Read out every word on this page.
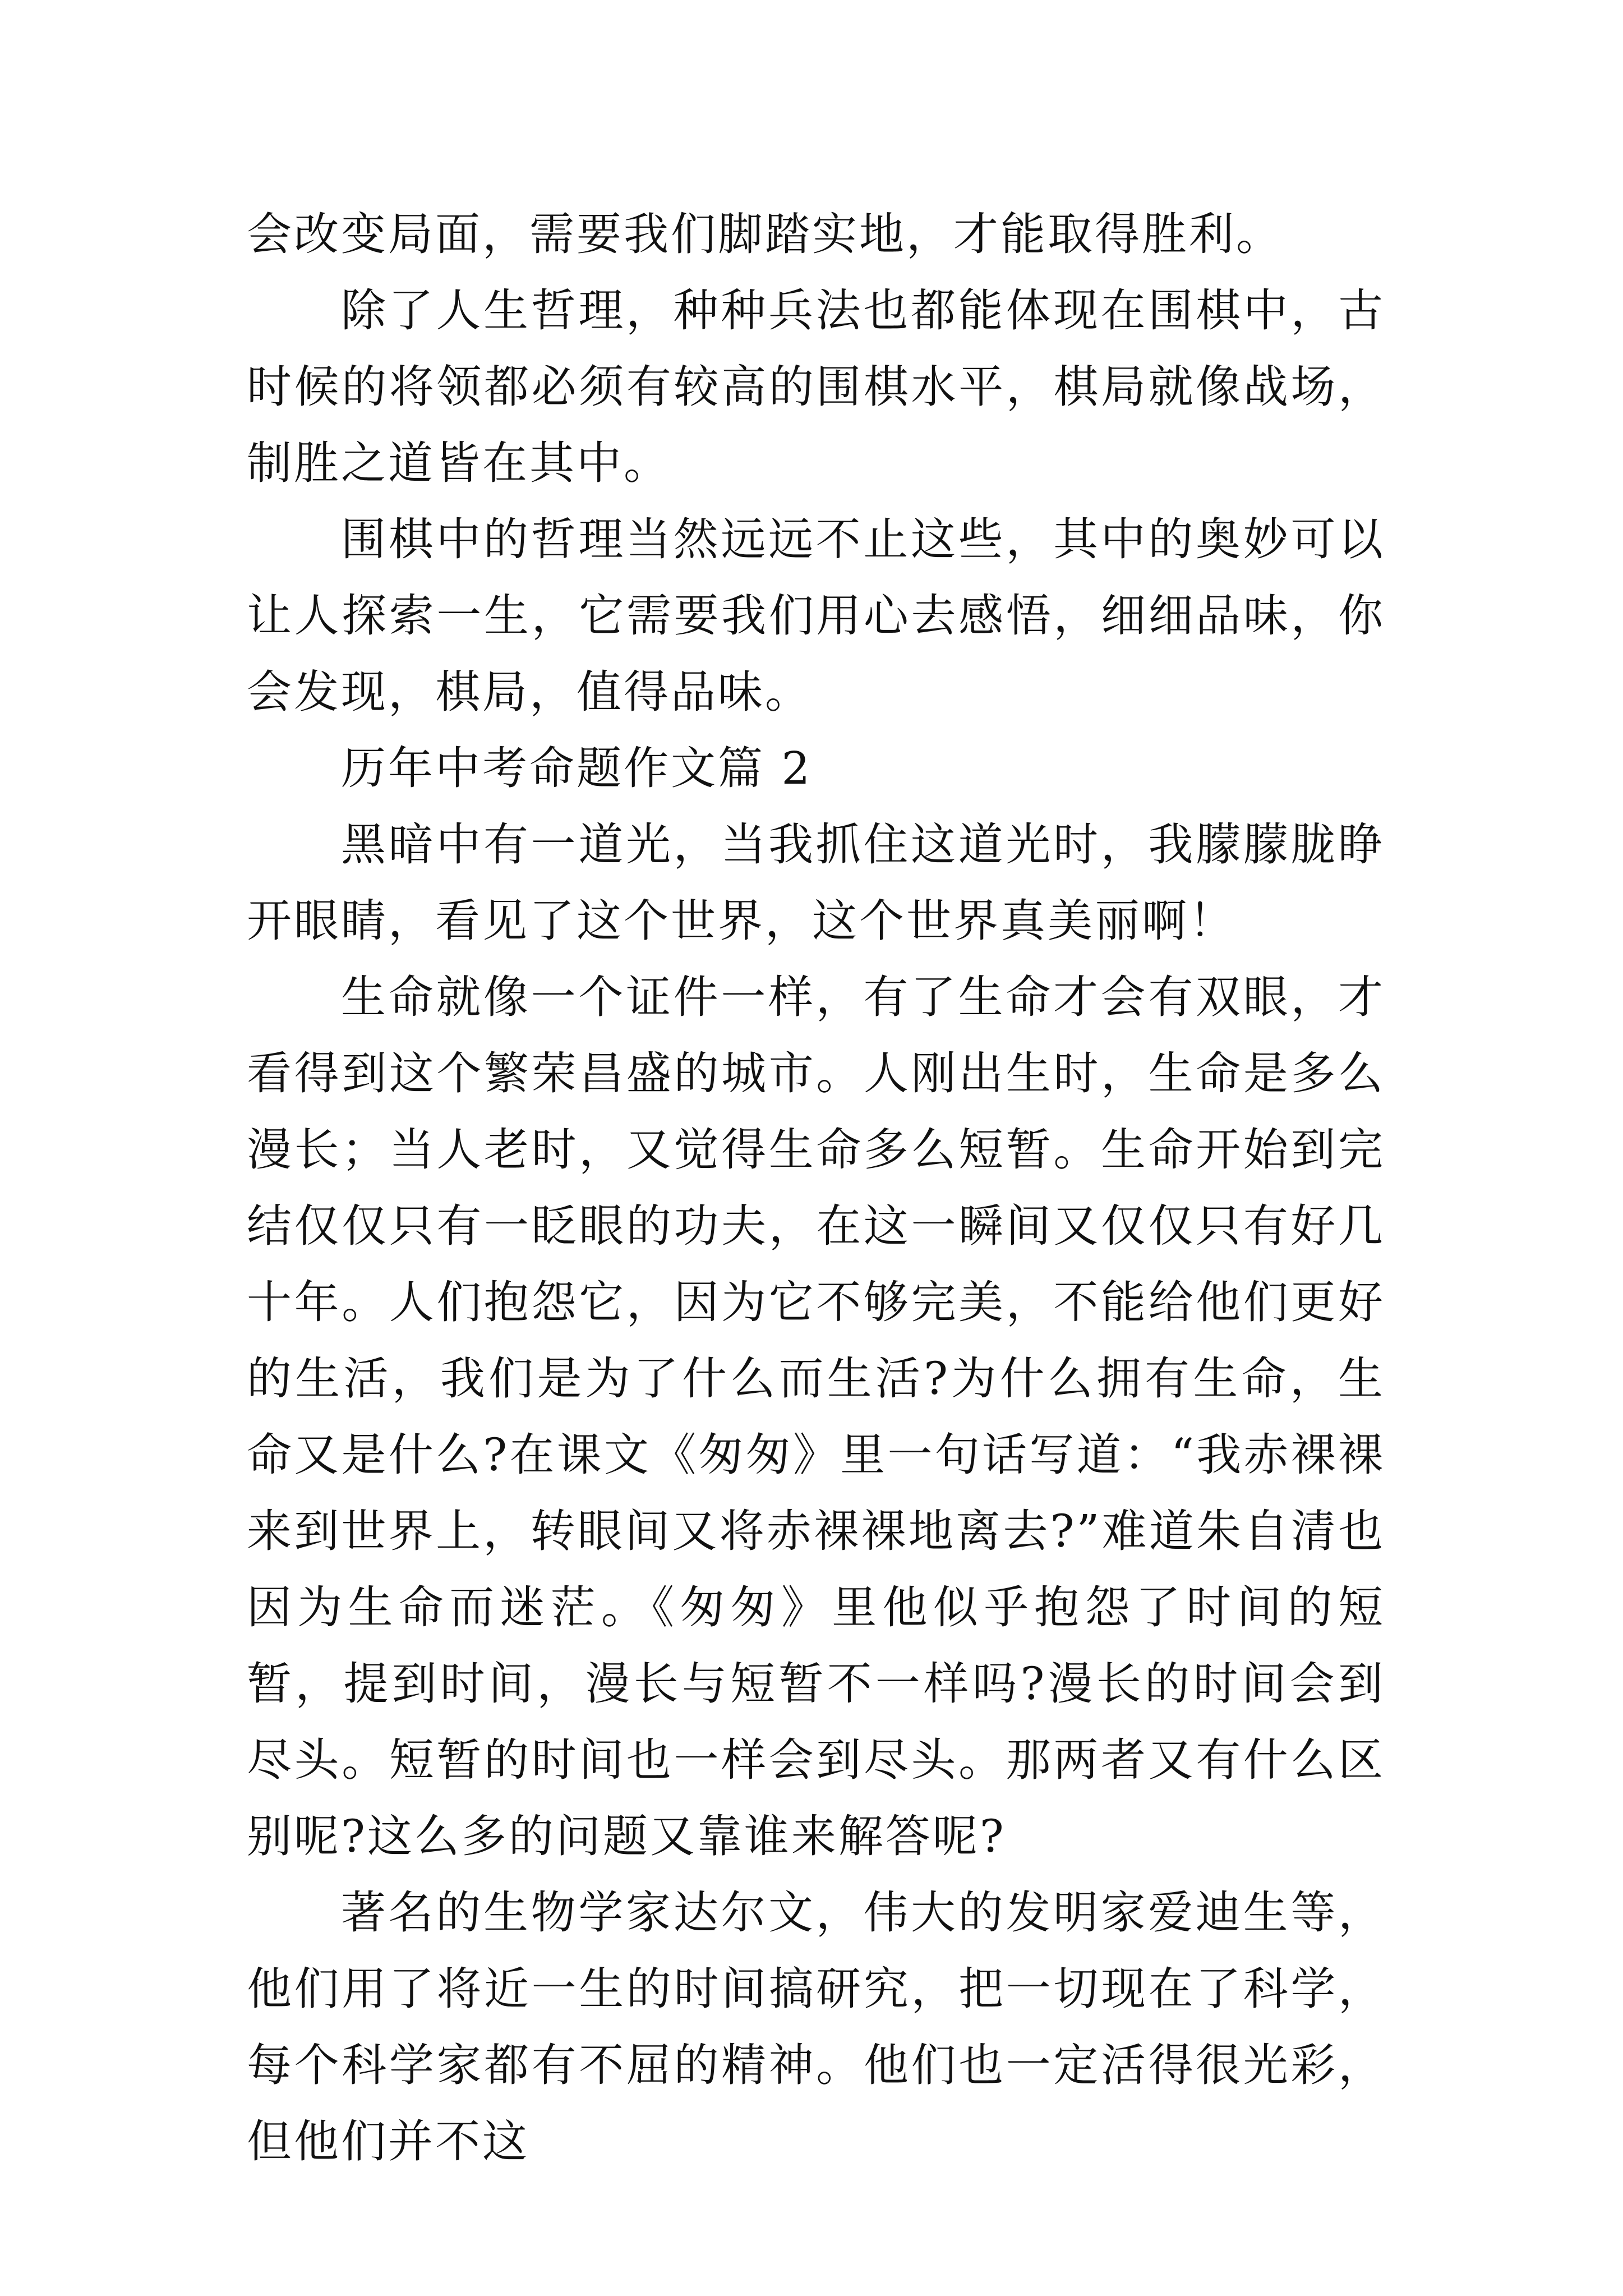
会改变局面，需要我们脚踏实地，才能取得胜利。

除了人生哲理，种种兵法也都能体现在围棋中，古时候的将领都必须有较高的围棋水平，棋局就像战场，制胜之道皆在其中。

围棋中的哲理当然远远不止这些，其中的奥妙可以让人探索一生，它需要我们用心去感悟，细细品味，你会发现，棋局，值得品味。

历年中考命题作文篇 2

黑暗中有一道光，当我抓住这道光时，我朦朦胧睁开眼睛，看见了这个世界，这个世界真美丽啊！

生命就像一个证件一样，有了生命才会有双眼，才看得到这个繁荣昌盛的城市。人刚出生时，生命是多么漫长；当人老时，又觉得生命多么短暂。生命开始到完结仅仅只有一眨眼的功夫，在这一瞬间又仅仅只有好几十年。人们抱怨它，因为它不够完美，不能给他们更好的生活，我们是为了什么而生活?为什么拥有生命，生命又是什么?在课文《匆匆》里一句话写道：“我赤裸裸来到世界上，转眼间又将赤裸裸地离去?”难道朱自清也因为生命而迷茫。《匆匆》里他似乎抱怨了时间的短暂，提到时间，漫长与短暂不一样吗?漫长的时间会到尽头。短暂的时间也一样会到尽头。那两者又有什么区别呢?这么多的问题又靠谁来解答呢?

著名的生物学家达尔文，伟大的发明家爱迪生等，他们用了将近一生的时间搞研究，把一切现在了科学，每个科学家都有不屈的精神。他们也一定活得很光彩，但他们并不这
